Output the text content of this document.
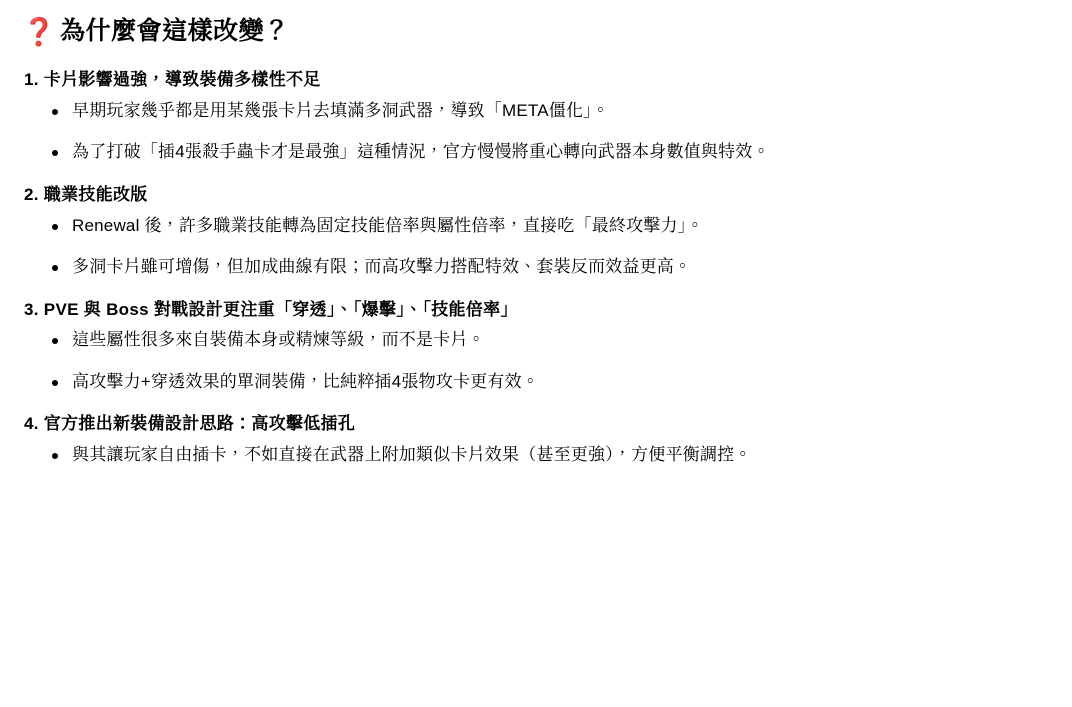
❓ 為什麼會這樣改變？
1. 卡片影響過強，導致裝備多樣性不足
早期玩家幾乎都是用某幾張卡片去填滿多洞武器，導致「META僵化」。
為了打破「插4張殺手蟲卡才是最強」這種情況，官方慢慢將重心轉向武器本身數值與特效。
2. 職業技能改版
Renewal 後，許多職業技能轉為固定技能倍率與屬性倍率，直接吃「最終攻擊力」。
多洞卡片雖可增傷，但加成曲線有限；而高攻擊力搭配特效、套裝反而效益更高。
3. PVE 與 Boss 對戰設計更注重「穿透」、「爆擊」、「技能倍率」
這些屬性很多來自裝備本身或精煉等級，而不是卡片。
高攻擊力+穿透效果的單洞裝備，比純粹插4張物攻卡更有效。
4. 官方推出新裝備設計思路：高攻擊低插孔
與其讓玩家自由插卡，不如直接在武器上附加類似卡片效果（甚至更強），方便平衡調控。
